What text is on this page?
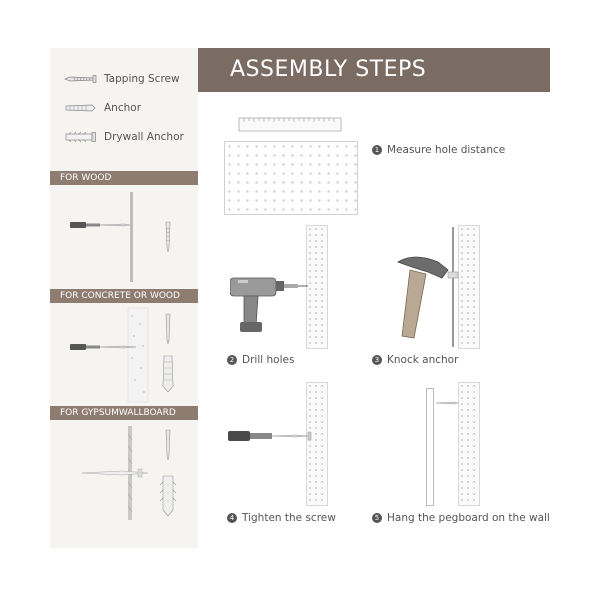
Tapping Screw
Anchor
Drywall Anchor
FOR WOOD
FOR CONCRETE OR WOOD
FOR GYPSUMWALLBOARD
ASSEMBLY STEPS
1 Measure hole distance
2 Drill holes	3 Knock anchor
4 Tighten the screw	5 Hang the pegboard on the wall
